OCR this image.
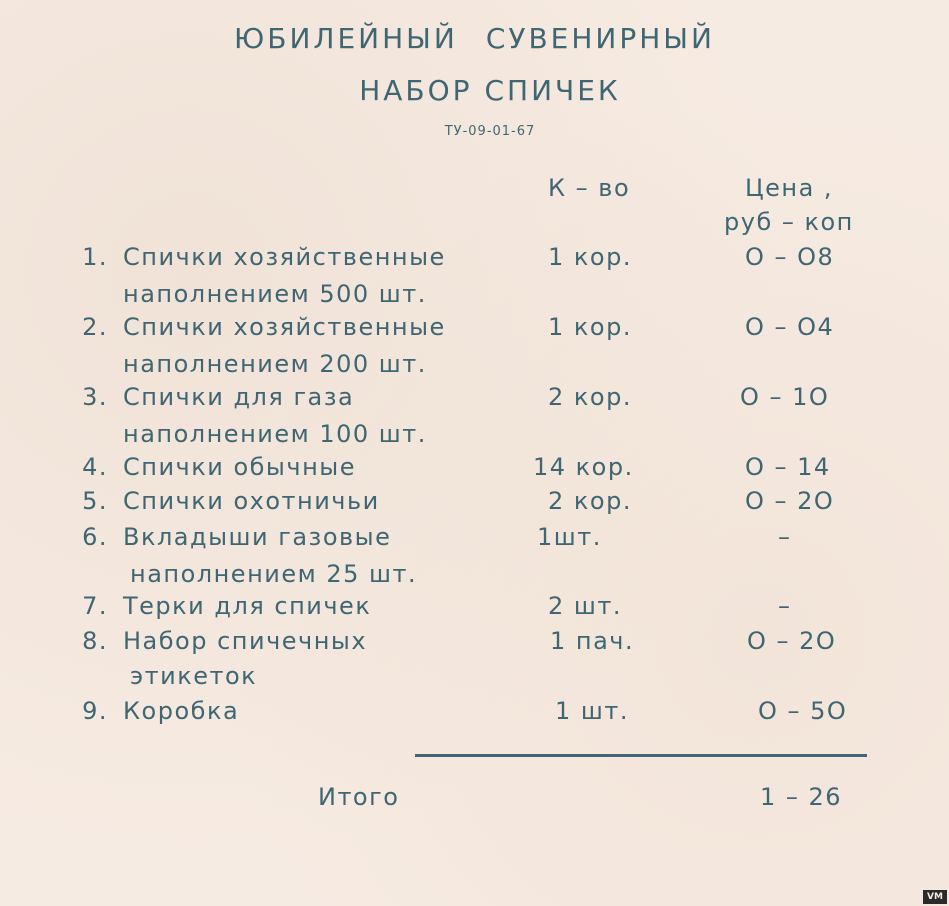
ЮБИЛЕЙНЫЙ СУВЕНИРНЫЙ
НАБОР СПИЧЕК
ТУ-09-01-67
К – во	Цена ,
руб – коп
1. Спички хозяйственные
наполнением 500 шт.
1 кор.	О – О8
2. Спички хозяйственные
наполнением 200 шт.
1 кор.	О – О4
3. Спички для газа
наполнением 100 шт.
2 кор.	О – 1О
4. Спички обычные	14 кор.	О – 14
5. Спички охотничьи	2 кор.	О – 2О
6. Вкладыши газовые
наполнением 25 шт.
1шт.	–
7. Терки для спичек	2 шт.	–
8. Набор спичечных
этикеток
1 пач.	О – 2О
9. Коробка	1 шт.	О – 5О
Итого	1 – 26
VM
